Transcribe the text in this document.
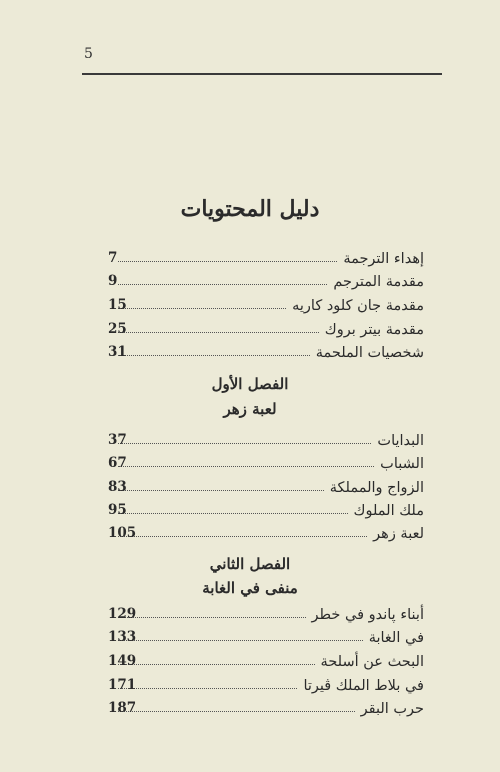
5
دليل المحتويات
إهداء الترجمة
7
مقدمة المترجم
9
مقدمة جان كلود كاريه
15
مقدمة بيتر بروك
25
شخصيات الملحمة
31
الفصل الأول
لعبة زهر
البدايات
37
الشباب
67
الزواج والمملكة
83
ملك الملوك
95
لعبة زهر
105
الفصل الثاني
منفى في الغابة
أبناء پاندو في خطر
129
في الغابة
133
البحث عن أسلحة
149
في بلاط الملك ڤيرتا
171
حرب البقر
187
